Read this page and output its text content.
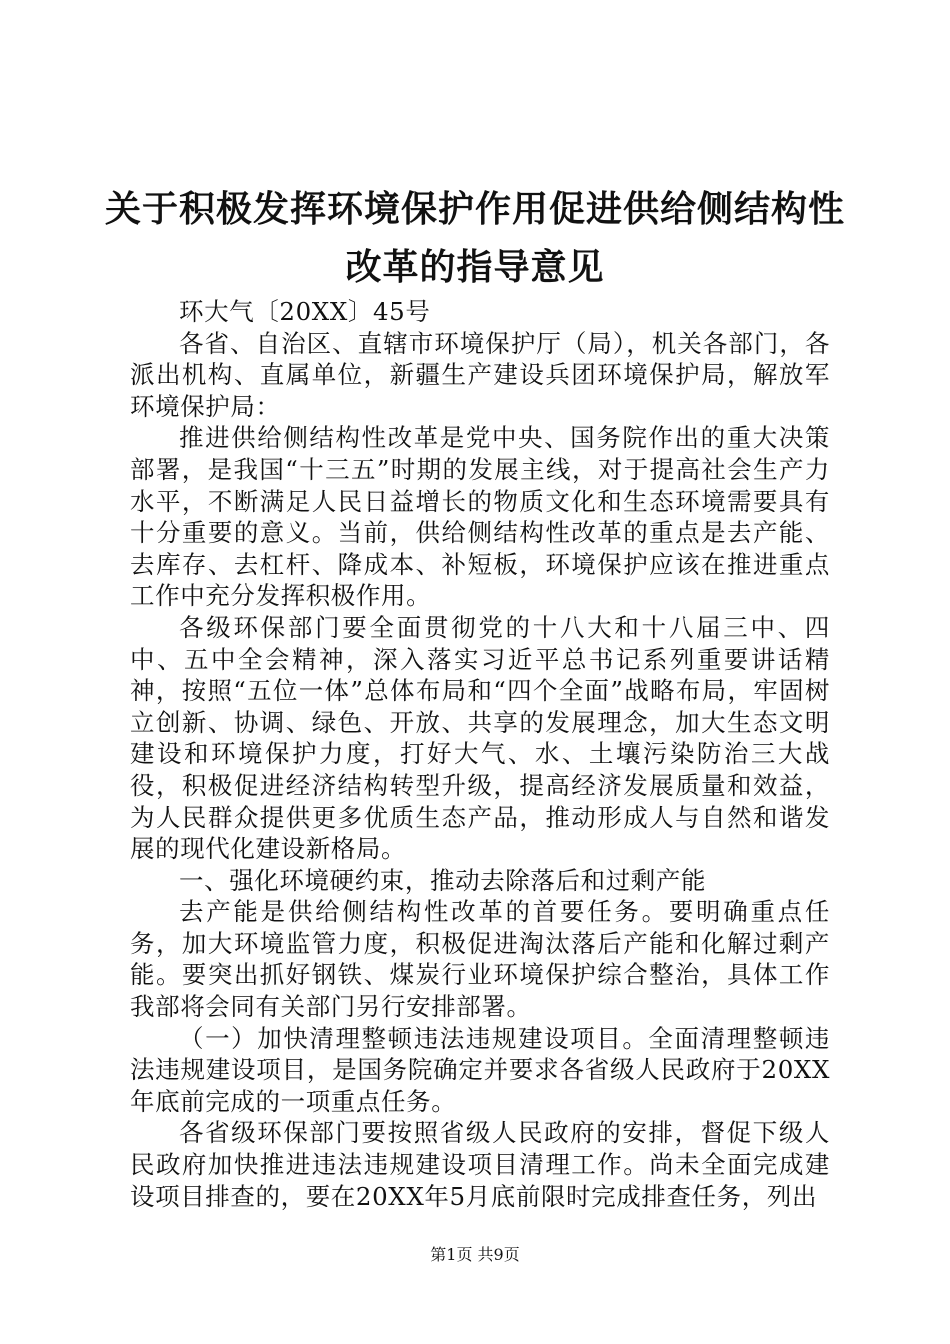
关于积极发挥环境保护作用促进供给侧结构性
改革的指导意见

环大气〔20XX〕45号

各省、自治区、直辖市环境保护厅（局），机关各部门，各派出机构、直属单位，新疆生产建设兵团环境保护局，解放军环境保护局：

推进供给侧结构性改革是党中央、国务院作出的重大决策部署，是我国“十三五”时期的发展主线，对于提高社会生产力水平，不断满足人民日益增长的物质文化和生态环境需要具有十分重要的意义。当前，供给侧结构性改革的重点是去产能、去库存、去杠杆、降成本、补短板，环境保护应该在推进重点工作中充分发挥积极作用。

各级环保部门要全面贯彻党的十八大和十八届三中、四中、五中全会精神，深入落实习近平总书记系列重要讲话精神，按照“五位一体”总体布局和“四个全面”战略布局，牢固树立创新、协调、绿色、开放、共享的发展理念，加大生态文明建设和环境保护力度，打好大气、水、土壤污染防治三大战役，积极促进经济结构转型升级，提高经济发展质量和效益，为人民群众提供更多优质生态产品，推动形成人与自然和谐发展的现代化建设新格局。

一、强化环境硬约束，推动去除落后和过剩产能

去产能是供给侧结构性改革的首要任务。要明确重点任务，加大环境监管力度，积极促进淘汰落后产能和化解过剩产能。要突出抓好钢铁、煤炭行业环境保护综合整治，具体工作我部将会同有关部门另行安排部署。

（一）加快清理整顿违法违规建设项目。全面清理整顿违法违规建设项目，是国务院确定并要求各省级人民政府于20XX年底前完成的一项重点任务。

各省级环保部门要按照省级人民政府的安排，督促下级人民政府加快推进违法违规建设项目清理工作。尚未全面完成建设项目排查的，要在20XX年5月底前限时完成排查任务，列出

第1页 共9页
